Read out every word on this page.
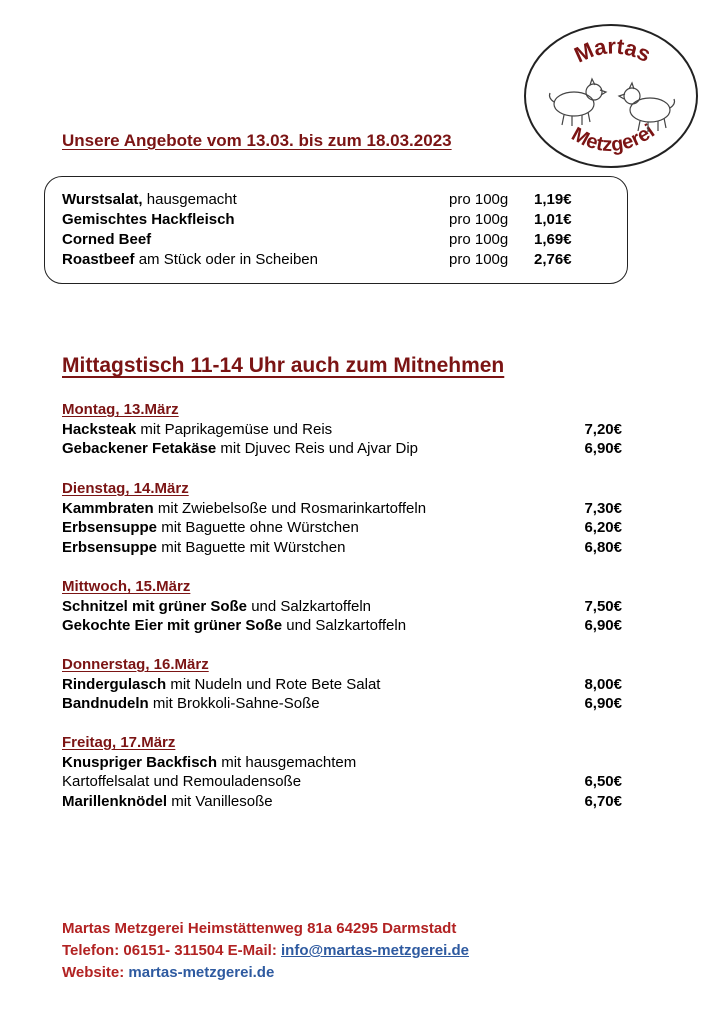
Martas
Metzgerei
Unsere Angebote vom 13.03. bis zum 18.03.2023
Wurstsalat, hausgemacht	pro 100g 1,19€
Gemischtes Hackfleisch	pro 100g 1,01€
Corned Beef	pro 100g 1,69€
Roastbeef am Stück oder in Scheiben	pro 100g 2,76€
Mittagstisch 11-14 Uhr auch zum Mitnehmen
Montag, 13.März
Hacksteak mit Paprikagemüse und Reis	7,20€
Gebackener Fetakäse mit Djuvec Reis und Ajvar Dip	6,90€
Dienstag, 14.März
Kammbraten mit Zwiebelsoße und Rosmarinkartoffeln	7,30€
Erbsensuppe mit Baguette ohne Würstchen	6,20€
Erbsensuppe mit Baguette mit Würstchen	6,80€
Mittwoch, 15.März
Schnitzel mit grüner Soße und Salzkartoffeln	7,50€
Gekochte Eier mit grüner Soße und Salzkartoffeln	6,90€
Donnerstag, 16.März
Rindergulasch mit Nudeln und Rote Bete Salat	8,00€
Bandnudeln mit Brokkoli-Sahne-Soße	6,90€
Freitag, 17.März
Knuspriger Backfisch mit hausgemachtem
Kartoffelsalat und Remouladensoße	6,50€
Marillenknödel mit Vanillesoße	6,70€
Martas Metzgerei Heimstättenweg 81a 64295 Darmstadt
Telefon: 06151- 311504 E-Mail: info@martas-metzgerei.de
Website: martas-metzgerei.de
